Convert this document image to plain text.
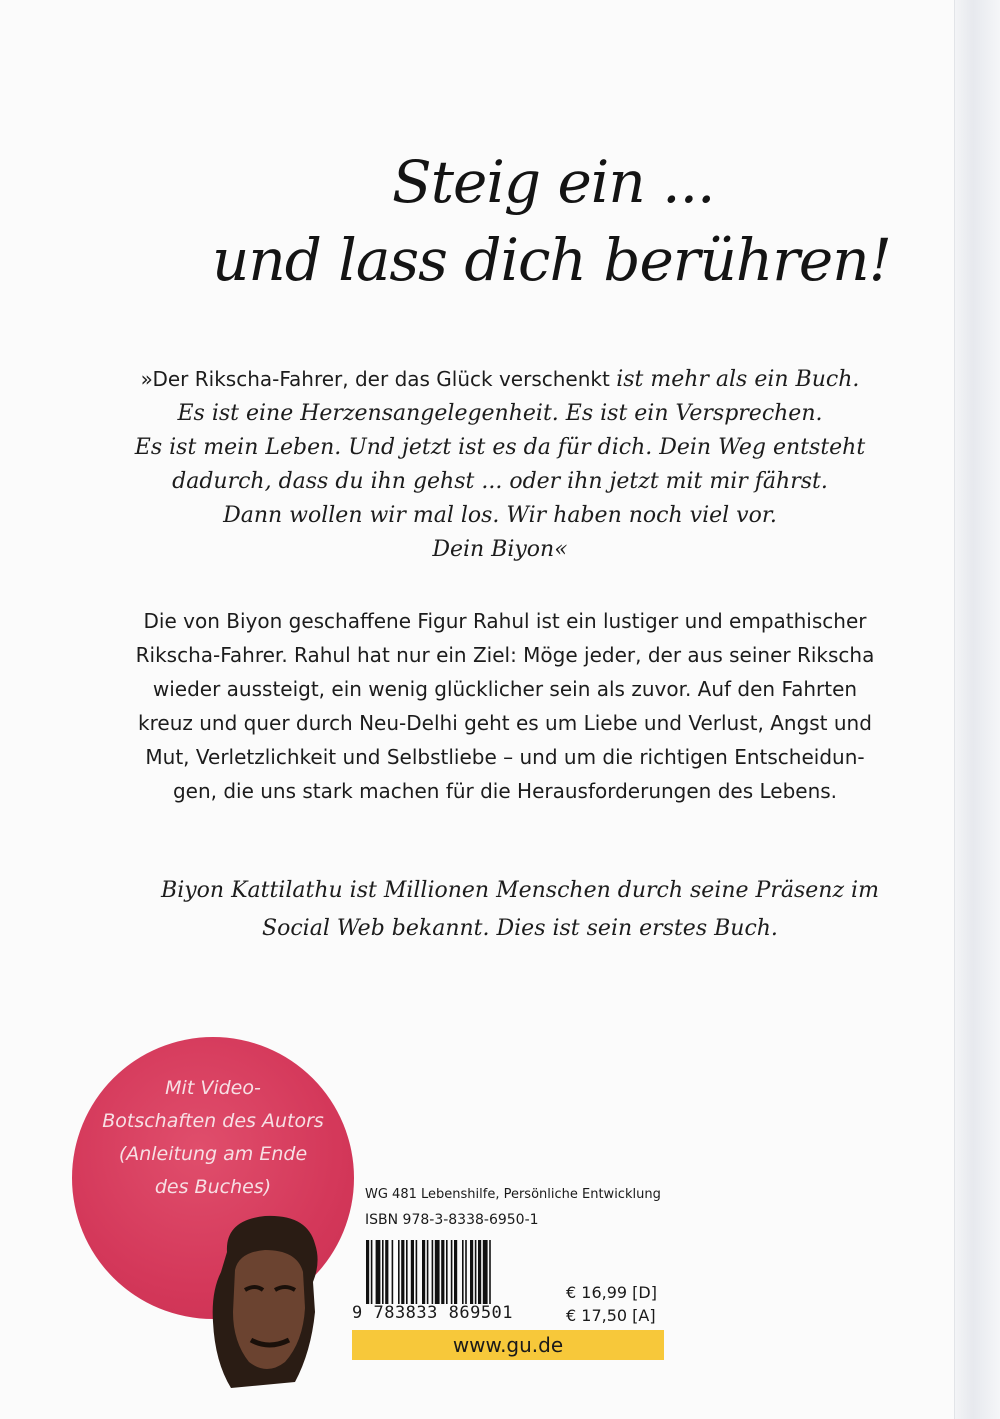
Steig ein ...
und lass dich berühren!
»Der Rikscha-Fahrer, der das Glück verschenkt ist mehr als ein Buch.
Es ist eine Herzensangelegenheit. Es ist ein Versprechen.
Es ist mein Leben. Und jetzt ist es da für dich. Dein Weg entsteht
dadurch, dass du ihn gehst ... oder ihn jetzt mit mir fährst.
Dann wollen wir mal los. Wir haben noch viel vor.
Dein Biyon«
Die von Biyon geschaffene Figur Rahul ist ein lustiger und empathischer
Rikscha-Fahrer. Rahul hat nur ein Ziel: Möge jeder, der aus seiner Rikscha
wieder aussteigt, ein wenig glücklicher sein als zuvor. Auf den Fahrten
kreuz und quer durch Neu-Delhi geht es um Liebe und Verlust, Angst und
Mut, Verletzlichkeit und Selbstliebe – und um die richtigen Entscheidun-
gen, die uns stark machen für die Herausforderungen des Lebens.
Biyon Kattilathu ist Millionen Menschen durch seine Präsenz im
Social Web bekannt. Dies ist sein erstes Buch.
Mit Video-
Botschaften des Autors
(Anleitung am Ende
des Buches)	WG 481 Lebenshilfe, Persönliche Entwicklung
ISBN 978-3-8338-6950-1
9 783833 869501
€ 16,99 [D]
€ 17,50 [A]
www.gu.de
